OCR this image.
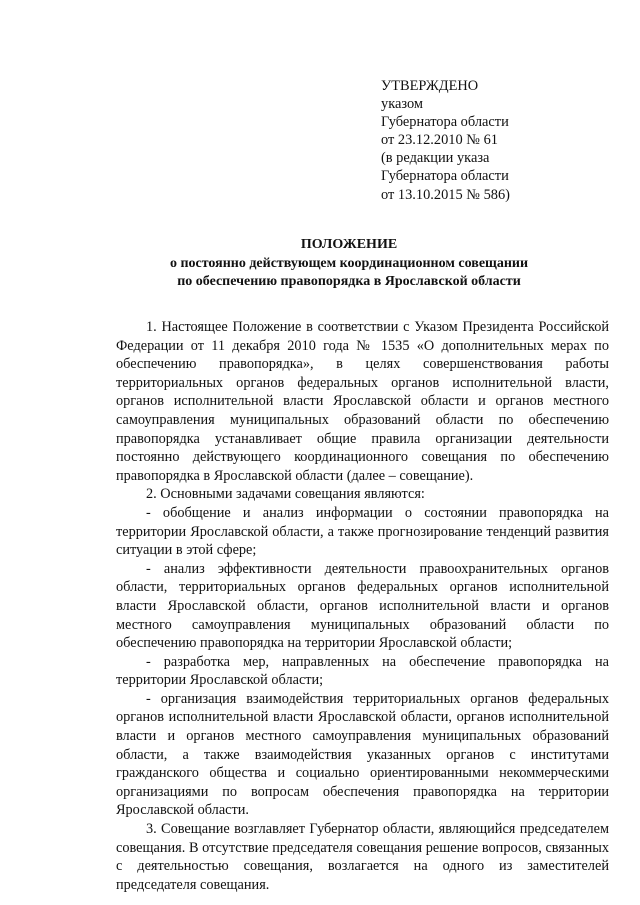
УТВЕРЖДЕНО
указом
Губернатора области
от 23.12.2010 № 61
(в редакции указа
Губернатора области
от 13.10.2015 № 586)
ПОЛОЖЕНИЕ
о постоянно действующем координационном совещании
по обеспечению правопорядка в Ярославской области

1. Настоящее Положение в соответствии с Указом Президента Российской Федерации от 11 декабря 2010 года № 1535 «О дополнительных мерах по обеспечению правопорядка», в целях совершенствования работы территориальных органов федеральных органов исполнительной власти, органов исполнительной власти Ярославской области и органов местного самоуправления муниципальных образований области по обеспечению правопорядка устанавливает общие правила организации деятельности постоянно действующего координационного совещания по обеспечению правопорядка в Ярославской области (далее – совещание).

2. Основными задачами совещания являются:

- обобщение и анализ информации о состоянии правопорядка на территории Ярославской области, а также прогнозирование тенденций развития ситуации в этой сфере;

- анализ эффективности деятельности правоохранительных органов области, территориальных органов федеральных органов исполнительной власти Ярославской области, органов исполнительной власти и органов местного самоуправления муниципальных образований области по обеспечению правопорядка на территории Ярославской области;

- разработка мер, направленных на обеспечение правопорядка на территории Ярославской области;

- организация взаимодействия территориальных органов федеральных органов исполнительной власти Ярославской области, органов исполнительной власти и органов местного самоуправления муниципальных образований области, а также взаимодействия указанных органов с институтами гражданского общества и социально ориентированными некоммерческими организациями по вопросам обеспечения правопорядка на территории Ярославской области.

3. Совещание возглавляет Губернатор области, являющийся председателем совещания. В отсутствие председателя совещания решение вопросов, связанных с деятельностью совещания, возлагается на одного из заместителей председателя совещания.
